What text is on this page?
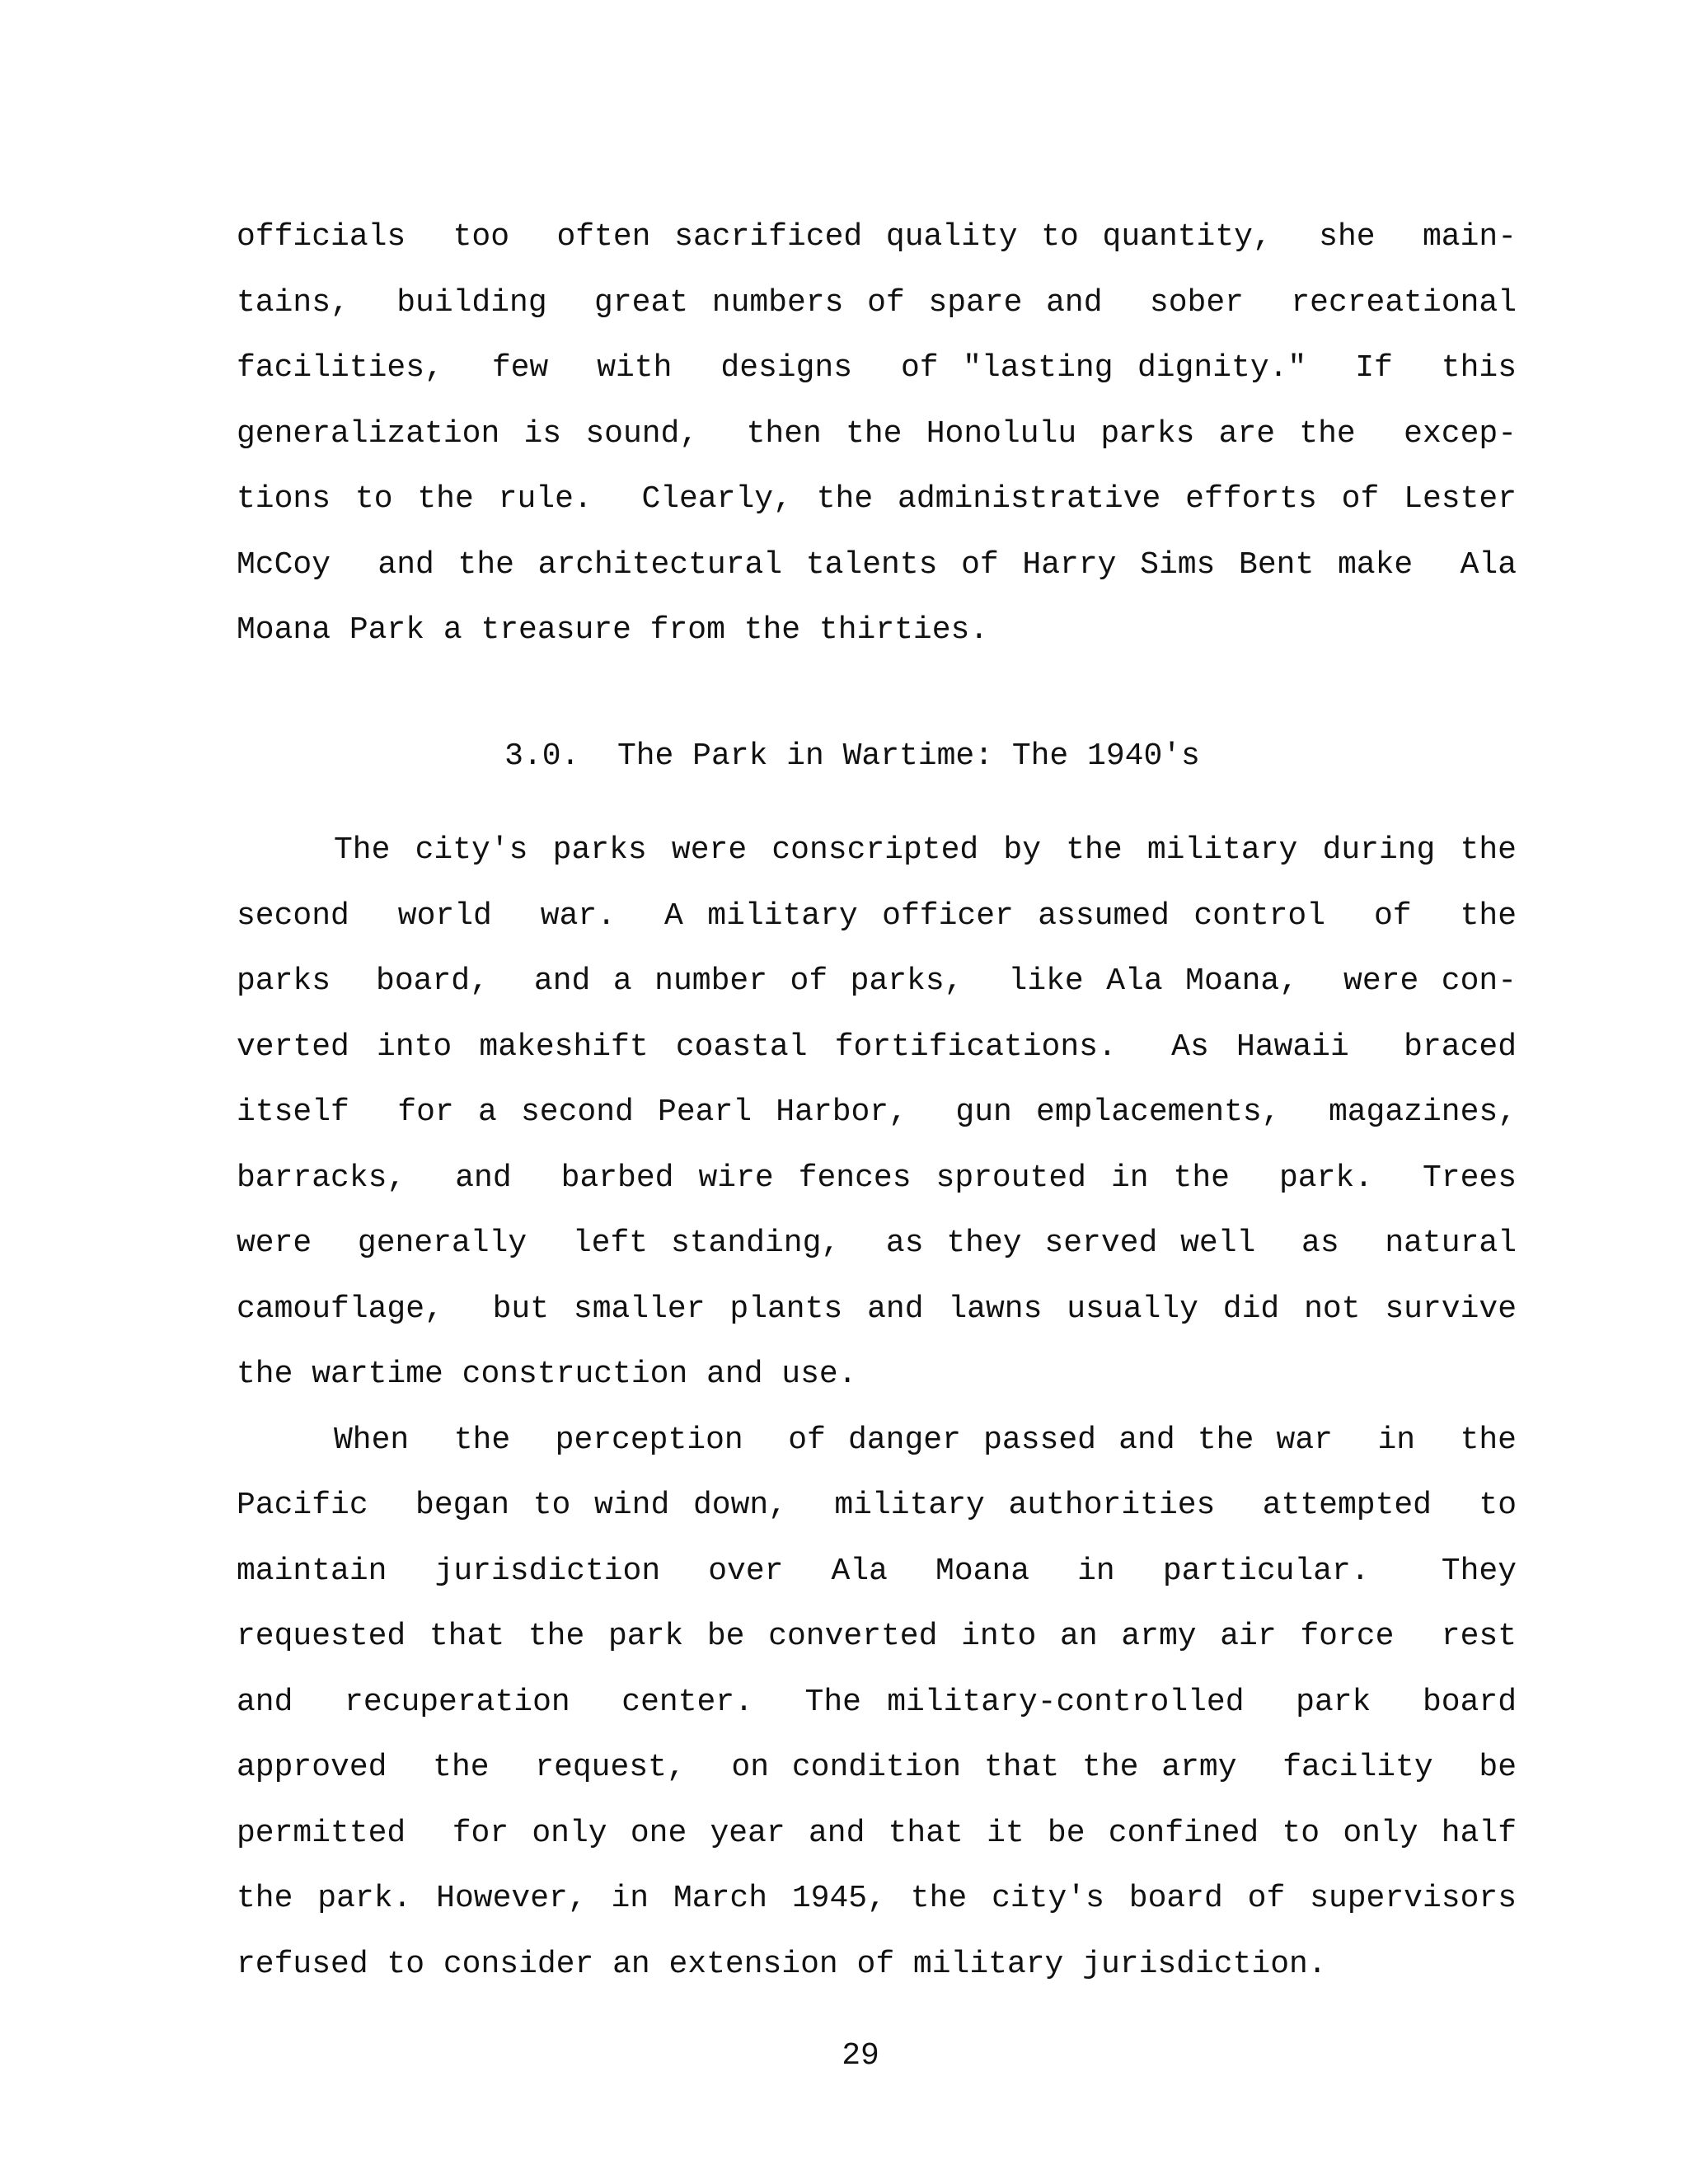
officials  too  often sacrificed quality to quantity,  she  main-
tains,  building  great numbers of spare and  sober  recreational
facilities,  few  with  designs  of "lasting dignity."  If  this
generalization is sound,  then the Honolulu parks are the  excep-
tions to the rule.  Clearly, the administrative efforts of Lester
McCoy  and the architectural talents of Harry Sims Bent make  Ala
Moana Park a treasure from the thirties.
3.0.  The Park in Wartime: The 1940's
The city's parks were conscripted by the military during the
second  world  war.  A military officer assumed control  of  the
parks  board,  and a number of parks,  like Ala Moana,  were con-
verted into makeshift coastal fortifications.  As Hawaii  braced
itself  for a second Pearl Harbor,  gun emplacements,  magazines,
barracks,  and  barbed wire fences sprouted in the  park.  Trees
were  generally  left standing,  as they served well  as  natural
camouflage,  but smaller plants and lawns usually did not survive
the wartime construction and use.
When  the  perception  of danger passed and the war  in  the
Pacific  began to wind down,  military authorities  attempted  to
maintain  jurisdiction  over  Ala  Moana  in  particular.   They
requested that the park be converted into an army air force  rest
and  recuperation  center.  The military-controlled  park  board
approved  the  request,  on condition that the army  facility  be
permitted  for only one year and that it be confined to only half
the park. However, in March 1945, the city's board of supervisors
refused to consider an extension of military jurisdiction.
29
